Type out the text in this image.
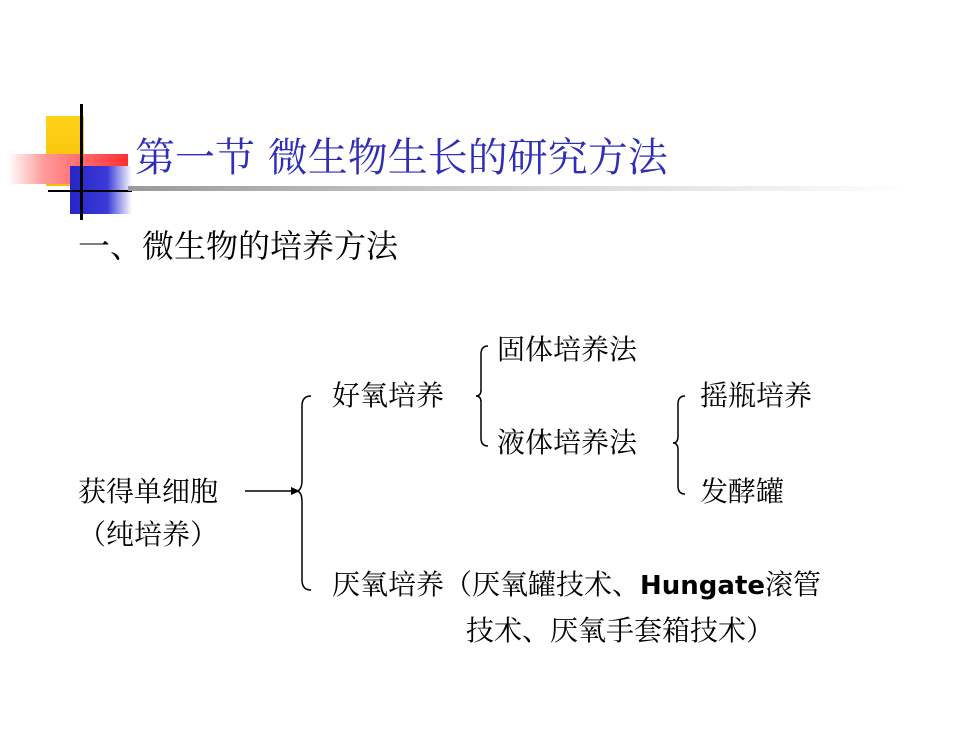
第一节 微生物生长的研究方法
一、微生物的培养方法
获得单细胞
（纯培养）
好氧培养
固体培养法
液体培养法
摇瓶培养
发酵罐
厌氧培养（厌氧罐技术、Hungate滚管
技术、厌氧手套箱技术）
